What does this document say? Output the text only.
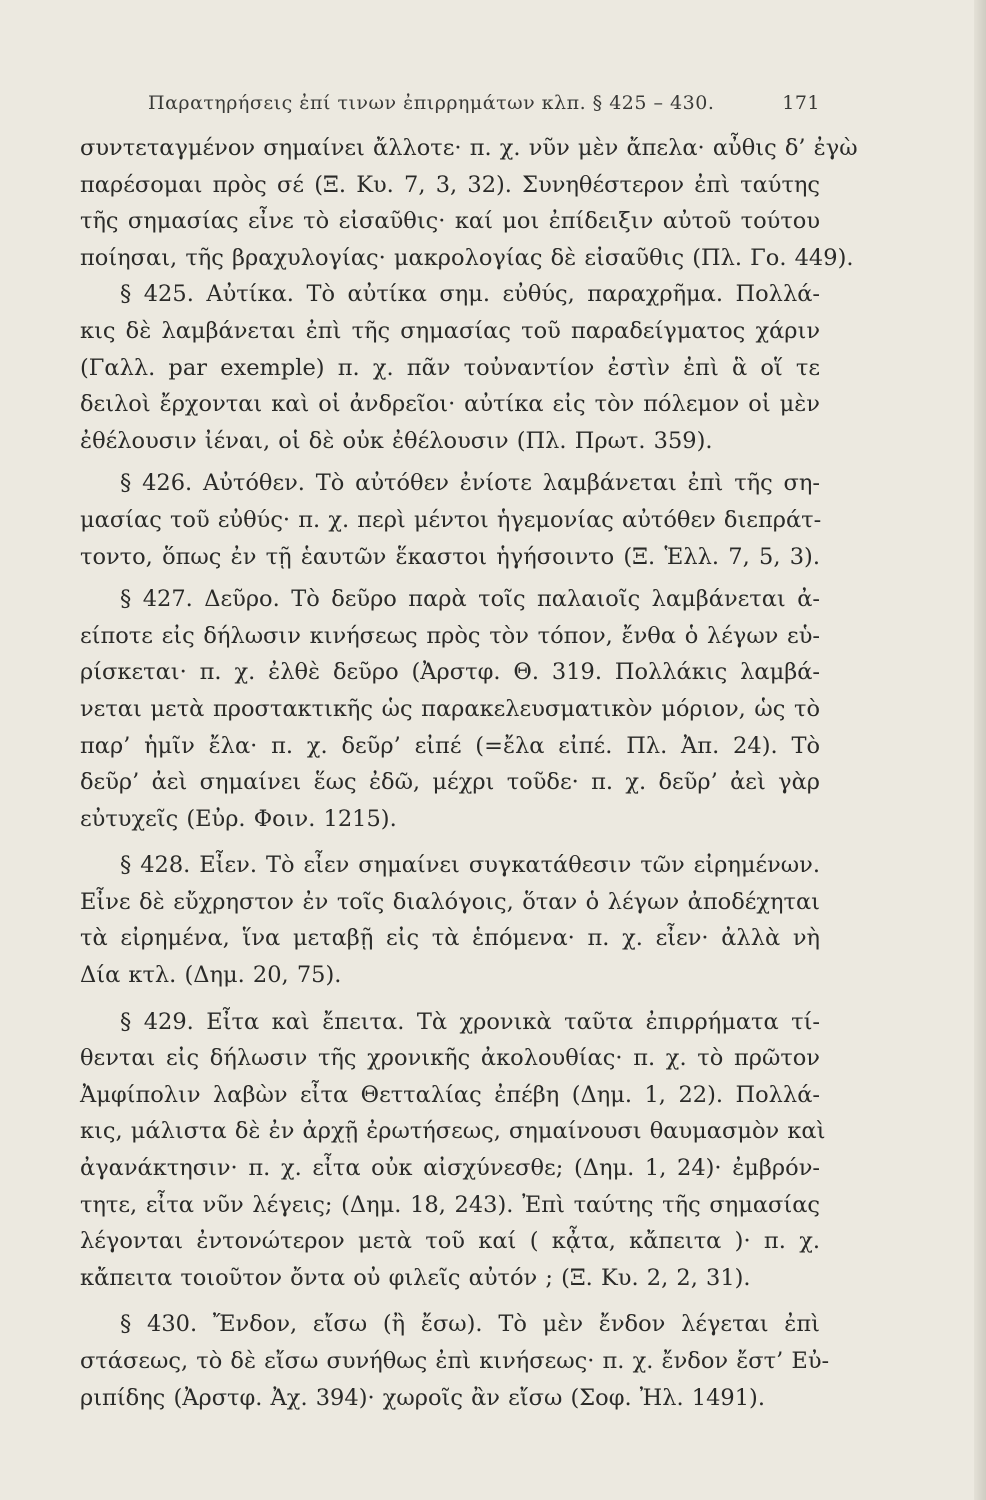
Παρατηρήσεις ἐπί τινων ἐπιρρημάτων κλπ. § 425 – 430.	171
συντεταγμένον σημαίνει ἄλλοτε· π. χ. νῦν μὲν ἄπελα· αὖθις δ’ ἐγὼ
παρέσομαι πρὸς σέ (Ξ. Κυ. 7, 3, 32). Συνηθέστερον ἐπὶ ταύτης
τῆς σημασίας εἶνε τὸ εἰσαῦθις· καί μοι ἐπίδειξιν αὐτοῦ τούτου
ποίησαι, τῆς βραχυλογίας· μακρολογίας δὲ εἰσαῦθις (Πλ. Γο. 449).
§ 425. Αὐτίκα. Τὸ αὐτίκα σημ. εὐθύς, παραχρῆμα. Πολλά-
κις δὲ λαμβάνεται ἐπὶ τῆς σημασίας τοῦ παραδείγματος χάριν
(Γαλλ. par exemple) π. χ. πᾶν τοὐναντίον ἐστὶν ἐπὶ ἃ οἵ τε
δειλοὶ ἔρχονται καὶ οἱ ἀνδρεῖοι· αὐτίκα εἰς τὸν πόλεμον οἱ μὲν
ἐθέλουσιν ἰέναι, οἱ δὲ οὐκ ἐθέλουσιν (Πλ. Πρωτ. 359).
§ 426. Αὐτόθεν. Τὸ αὐτόθεν ἐνίοτε λαμβάνεται ἐπὶ τῆς ση-
μασίας τοῦ εὐθύς· π. χ. περὶ μέντοι ἡγεμονίας αὐτόθεν διεπράτ-
τοντο, ὅπως ἐν τῇ ἑαυτῶν ἕκαστοι ἡγήσοιντο (Ξ. Ἑλλ. 7, 5, 3).
§ 427. Δεῦρο. Τὸ δεῦρο παρὰ τοῖς παλαιοῖς λαμβάνεται ἀ-
είποτε εἰς δήλωσιν κινήσεως πρὸς τὸν τόπον, ἔνθα ὁ λέγων εὑ-
ρίσκεται· π. χ. ἐλθὲ δεῦρο (Ἀρστφ. Θ. 319. Πολλάκις λαμβά-
νεται μετὰ προστακτικῆς ὡς παρακελευσματικὸν μόριον, ὡς τὸ
παρ’ ἡμῖν ἔλα· π. χ. δεῦρ’ εἰπέ (=ἔλα εἰπέ. Πλ. Ἀπ. 24). Τὸ
δεῦρ’ ἀεὶ σημαίνει ἕως ἐδῶ, μέχρι τοῦδε· π. χ. δεῦρ’ ἀεὶ γὰρ
εὐτυχεῖς (Εὐρ. Φοιν. 1215).
§ 428. Εἶεν. Τὸ εἶεν σημαίνει συγκατάθεσιν τῶν εἰρημένων.
Εἶνε δὲ εὔχρηστον ἐν τοῖς διαλόγοις, ὅταν ὁ λέγων ἀποδέχηται
τὰ εἰρημένα, ἵνα μεταβῇ εἰς τὰ ἑπόμενα· π. χ. εἶεν· ἀλλὰ νὴ
Δία κτλ. (Δημ. 20, 75).
§ 429. Εἶτα καὶ ἔπειτα. Τὰ χρονικὰ ταῦτα ἐπιρρήματα τί-
θενται εἰς δήλωσιν τῆς χρονικῆς ἀκολουθίας· π. χ. τὸ πρῶτον
Ἀμφίπολιν λαβὼν εἶτα Θετταλίας ἐπέβη (Δημ. 1, 22). Πολλά-
κις, μάλιστα δὲ ἐν ἀρχῇ ἐρωτήσεως, σημαίνουσι θαυμασμὸν καὶ
ἀγανάκτησιν· π. χ. εἶτα οὐκ αἰσχύνεσθε; (Δημ. 1, 24)· ἐμβρόν-
τητε, εἶτα νῦν λέγεις; (Δημ. 18, 243). Ἐπὶ ταύτης τῆς σημασίας
λέγονται ἐντονώτερον μετὰ τοῦ καί ( κᾆτα, κἄπειτα )· π. χ.
κἄπειτα τοιοῦτον ὄντα οὐ φιλεῖς αὐτόν ; (Ξ. Κυ. 2, 2, 31).
§ 430. Ἔνδον, εἴσω (ἢ ἔσω). Τὸ μὲν ἔνδον λέγεται ἐπὶ
στάσεως, τὸ δὲ εἴσω συνήθως ἐπὶ κινήσεως· π. χ. ἔνδον ἔστ’ Εὐ-
ριπίδης (Ἀρστφ. Ἀχ. 394)· χωροῖς ἂν εἴσω (Σοφ. Ἠλ. 1491).
